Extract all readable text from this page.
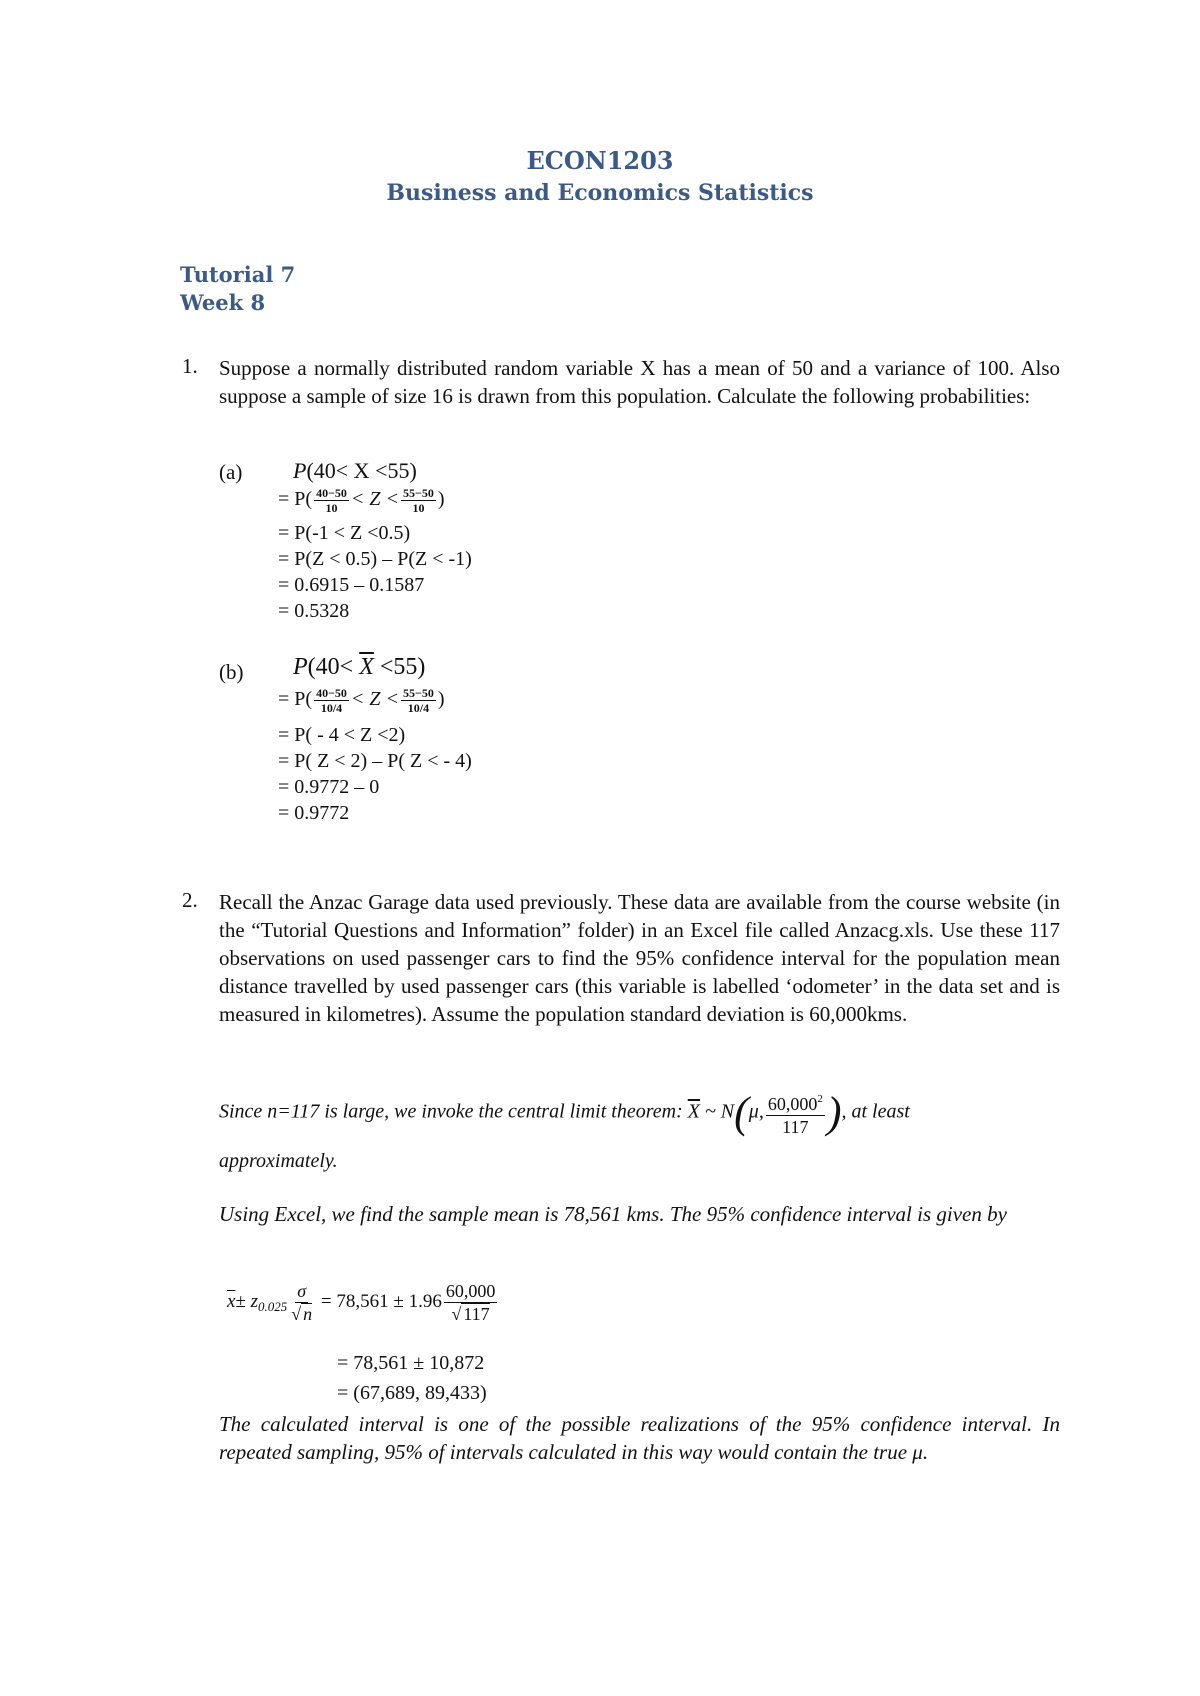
ECON1203
Business and Economics Statistics
Tutorial 7
Week 8
1. Suppose a normally distributed random variable X has a mean of 50 and a variance of 100. Also suppose a sample of size 16 is drawn from this population. Calculate the following probabilities:
(a) P(40< X <55)
= $P( \frac{40-50}{10} < Z < \frac{55-50}{10}$ )
= P(-1 < Z <0.5)
= P(Z < 0.5) – P(Z < -1)
= 0.6915 – 0.1587
= 0.5328
(b) $P(40< \overline{X} <55)$
= $P( \frac{40-50}{10/4} < Z < \frac{55-50}{10/4}$ )
= P( - 4 < Z <2)
= P( Z < 2) – P( Z < - 4)
= 0.9772 – 0
= 0.9772
2. Recall the Anzac Garage data used previously. These data are available from the course website (in the “Tutorial Questions and Information” folder) in an Excel file called Anzacg.xls. Use these 117 observations on used passenger cars to find the 95% confidence interval for the population mean distance travelled by used passenger cars (this variable is labelled ‘odometer’ in the data set and is measured in kilometres). Assume the population standard deviation is 60,000kms.
Since n=117 is large, we invoke the central limit theorem: $\overline{X}$ ~ N(μ, $\frac{60,000^2}{117}$ ), at least
approximately.
Using Excel, we find the sample mean is 78,561 kms. The 95% confidence interval is given by
$\overline{x}\pm z_{0.025} \frac{\sigma}{√ n} = 78,561 \pm 1.96 \frac{60,000}{√ 117}$
= 78,561 ± 10,872
= (67,689, 89,433)
The calculated interval is one of the possible realizations of the 95% confidence interval. In repeated sampling, 95% of intervals calculated in this way would contain the true μ.
